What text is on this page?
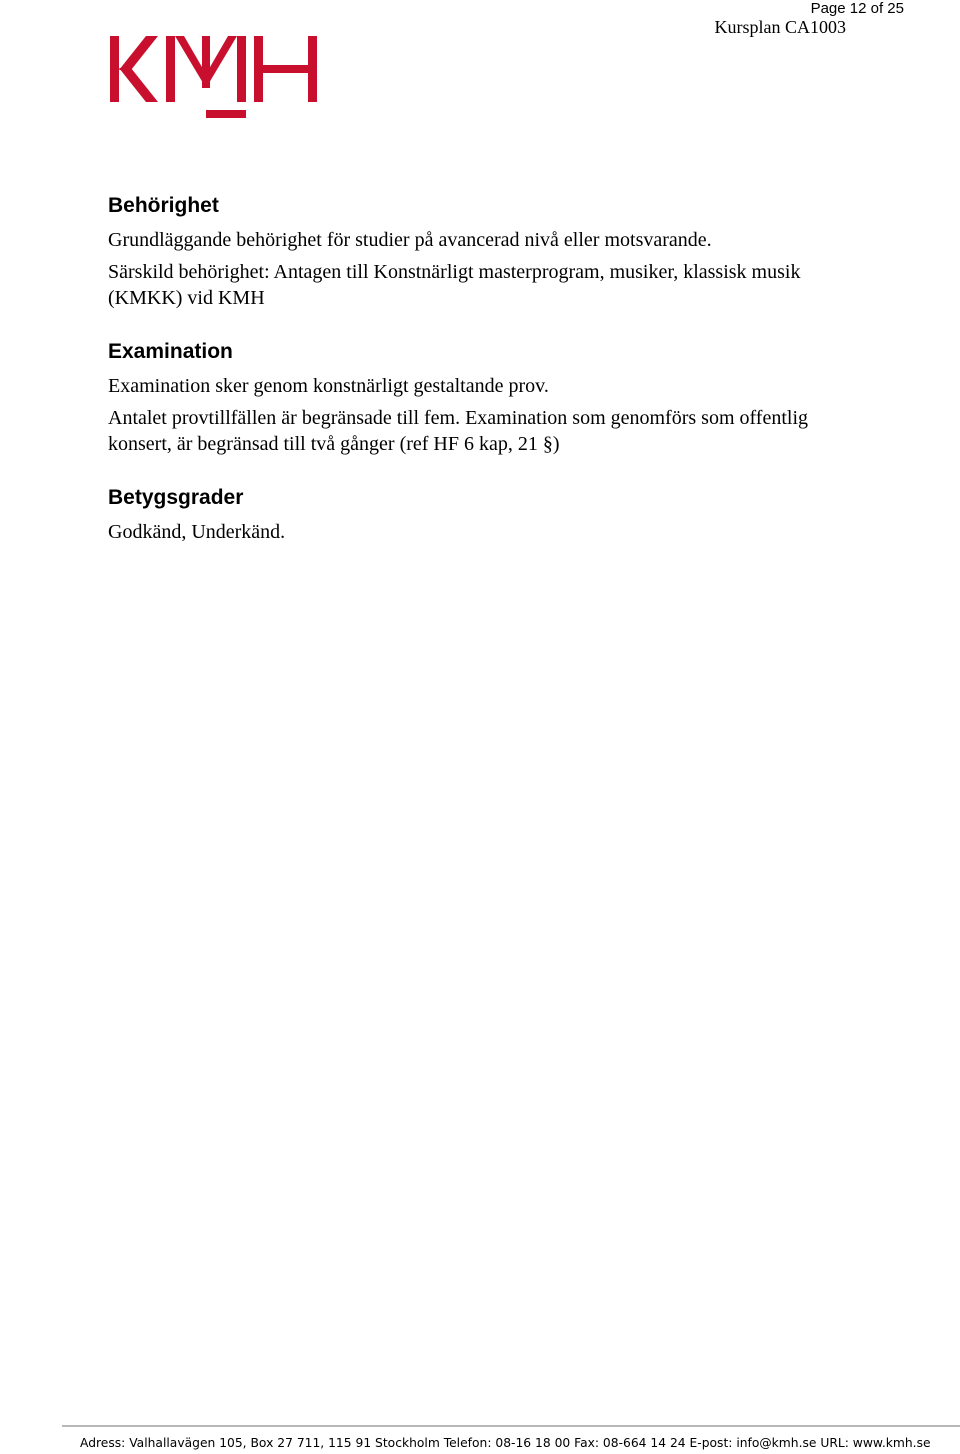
Page 12 of 25
Kursplan CA1003
Behörighet

Grundläggande behörighet för studier på avancerad nivå eller motsvarande.

Särskild behörighet: Antagen till Konstnärligt masterprogram, musiker, klassisk musik (KMKK) vid KMH

Examination

Examination sker genom konstnärligt gestaltande prov.

Antalet provtillfällen är begränsade till fem. Examination som genomförs som offentlig konsert, är begränsad till två gånger (ref HF 6 kap, 21 §)

Betygsgrader

Godkänd, Underkänd.

Adress: Valhallavägen 105, Box 27 711, 115 91 Stockholm Telefon: 08-16 18 00 Fax: 08-664 14 24 E-post: info@kmh.se URL: www.kmh.se
